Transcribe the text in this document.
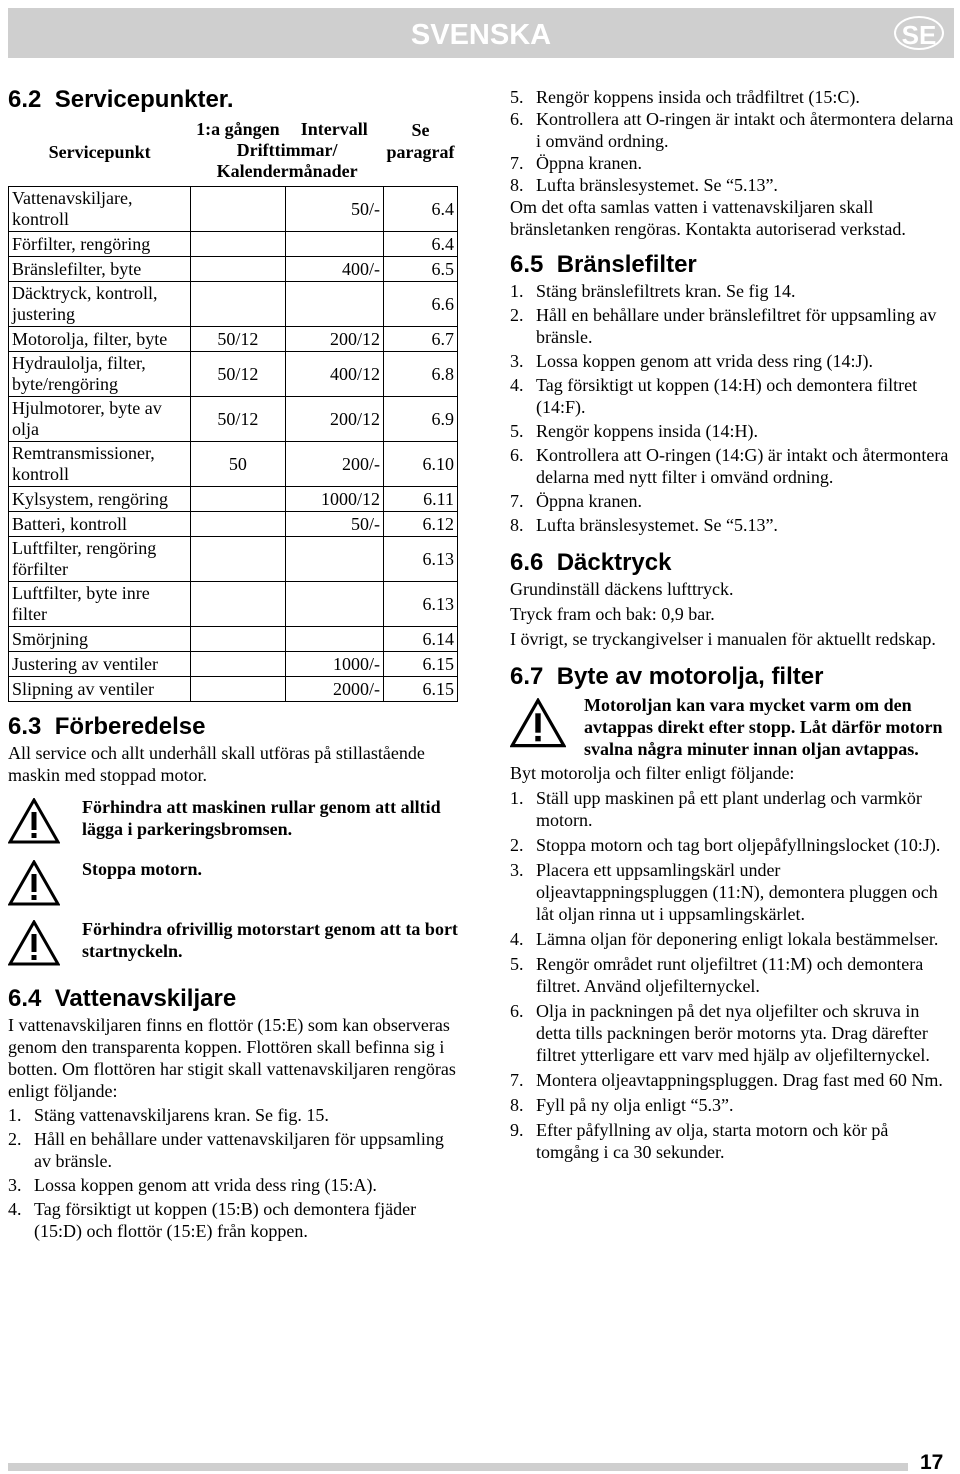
SVENSKA	SE
6.2 Servicepunkter.
Servicepunkt	1:a gången	Intervall	Se paragraf
	Drifttimmar/ Kalendermånader		
Vattenavskiljare, kontroll		50/-	6.4
Förfilter, rengöring			6.4
Bränslefilter, byte		400/-	6.5
Däcktryck, kontroll, justering			6.6
Motorolja, filter, byte	50/12	200/12	6.7
Hydraulolja, filter, byte/rengöring	50/12	400/12	6.8
Hjulmotorer, byte av olja	50/12	200/12	6.9
Remtransmissioner, kontroll	50	200/-	6.10
Kylsystem, rengöring		1000/12	6.11
Batteri, kontroll		50/-	6.12
Luftfilter, rengöring förfilter			6.13
Luftfilter, byte inre filter			6.13
Smörjning			6.14
Justering av ventiler		1000/-	6.15
Slipning av ventiler		2000/-	6.15
6.3 Förberedelse

All service och allt underhåll skall utföras på stillastående maskin med stoppad motor.

Förhindra att maskinen rullar genom att alltid lägga i parkeringsbromsen.
Stoppa motorn.
Förhindra ofrivillig motorstart genom att ta bort startnyckeln.
6.4 Vattenavskiljare

I vattenavskiljaren finns en flottör (15:E) som kan observeras genom den transparenta koppen. Flottören skall befinna sig i botten. Om flottören har stigit skall vattenavskiljaren rengöras enligt följande:

1. Stäng vattenavskiljarens kran. Se fig. 15.
2. Håll en behållare under vattenavskiljaren för uppsamling av bränsle.
3. Lossa koppen genom att vrida dess ring (15:A).
4. Tag försiktigt ut koppen (15:B) och demontera fjäder (15:D) och flottör (15:E) från koppen.
5. Rengör koppens insida och trådfiltret (15:C).
6. Kontrollera att O-ringen är intakt och återmontera delarna i omvänd ordning.
7. Öppna kranen.
8. Lufta bränslesystemet. Se “5.13”.

Om det ofta samlas vatten i vattenavskiljaren skall bränsletanken rengöras. Kontakta autoriserad verkstad.

6.5 Bränslefilter
1. Stäng bränslefiltrets kran. Se fig 14.
2. Håll en behållare under bränslefiltret för uppsamling av bränsle.
3. Lossa koppen genom att vrida dess ring (14:J).
4. Tag försiktigt ut koppen (14:H) och demontera filtret (14:F).
5. Rengör koppens insida (14:H).
6. Kontrollera att O-ringen (14:G) är intakt och återmontera delarna med nytt filter i omvänd ordning.
7. Öppna kranen.
8. Lufta bränslesystemet. Se “5.13”.
6.6 Däcktryck

Grundinställ däckens lufttryck.

Tryck fram och bak: 0,9 bar.

I övrigt, se tryckangivelser i manualen för aktuellt redskap.

6.7 Byte av motorolja, filter
Motoroljan kan vara mycket varm om den avtappas direkt efter stopp. Låt därför motorn svalna några minuter innan oljan avtappas.

Byt motorolja och filter enligt följande:

1. Ställ upp maskinen på ett plant underlag och varmkör motorn.
2. Stoppa motorn och tag bort oljepåfyllningslocket (10:J).
3. Placera ett uppsamlingskärl under oljeavtappningspluggen (11:N), demontera pluggen och låt oljan rinna ut i uppsamlingskärlet.
4. Lämna oljan för deponering enligt lokala bestämmelser.
5. Rengör området runt oljefiltret (11:M) och demontera filtret. Använd oljefilternyckel.
6. Olja in packningen på det nya oljefilter och skruva in detta tills packningen berör motorns yta. Drag därefter filtret ytterligare ett varv med hjälp av oljefilternyckel.
7. Montera oljeavtappningspluggen. Drag fast med 60 Nm.
8. Fyll på ny olja enligt “5.3”.
9. Efter påfyllning av olja, starta motorn och kör på tomgång i ca 30 sekunder.
17
